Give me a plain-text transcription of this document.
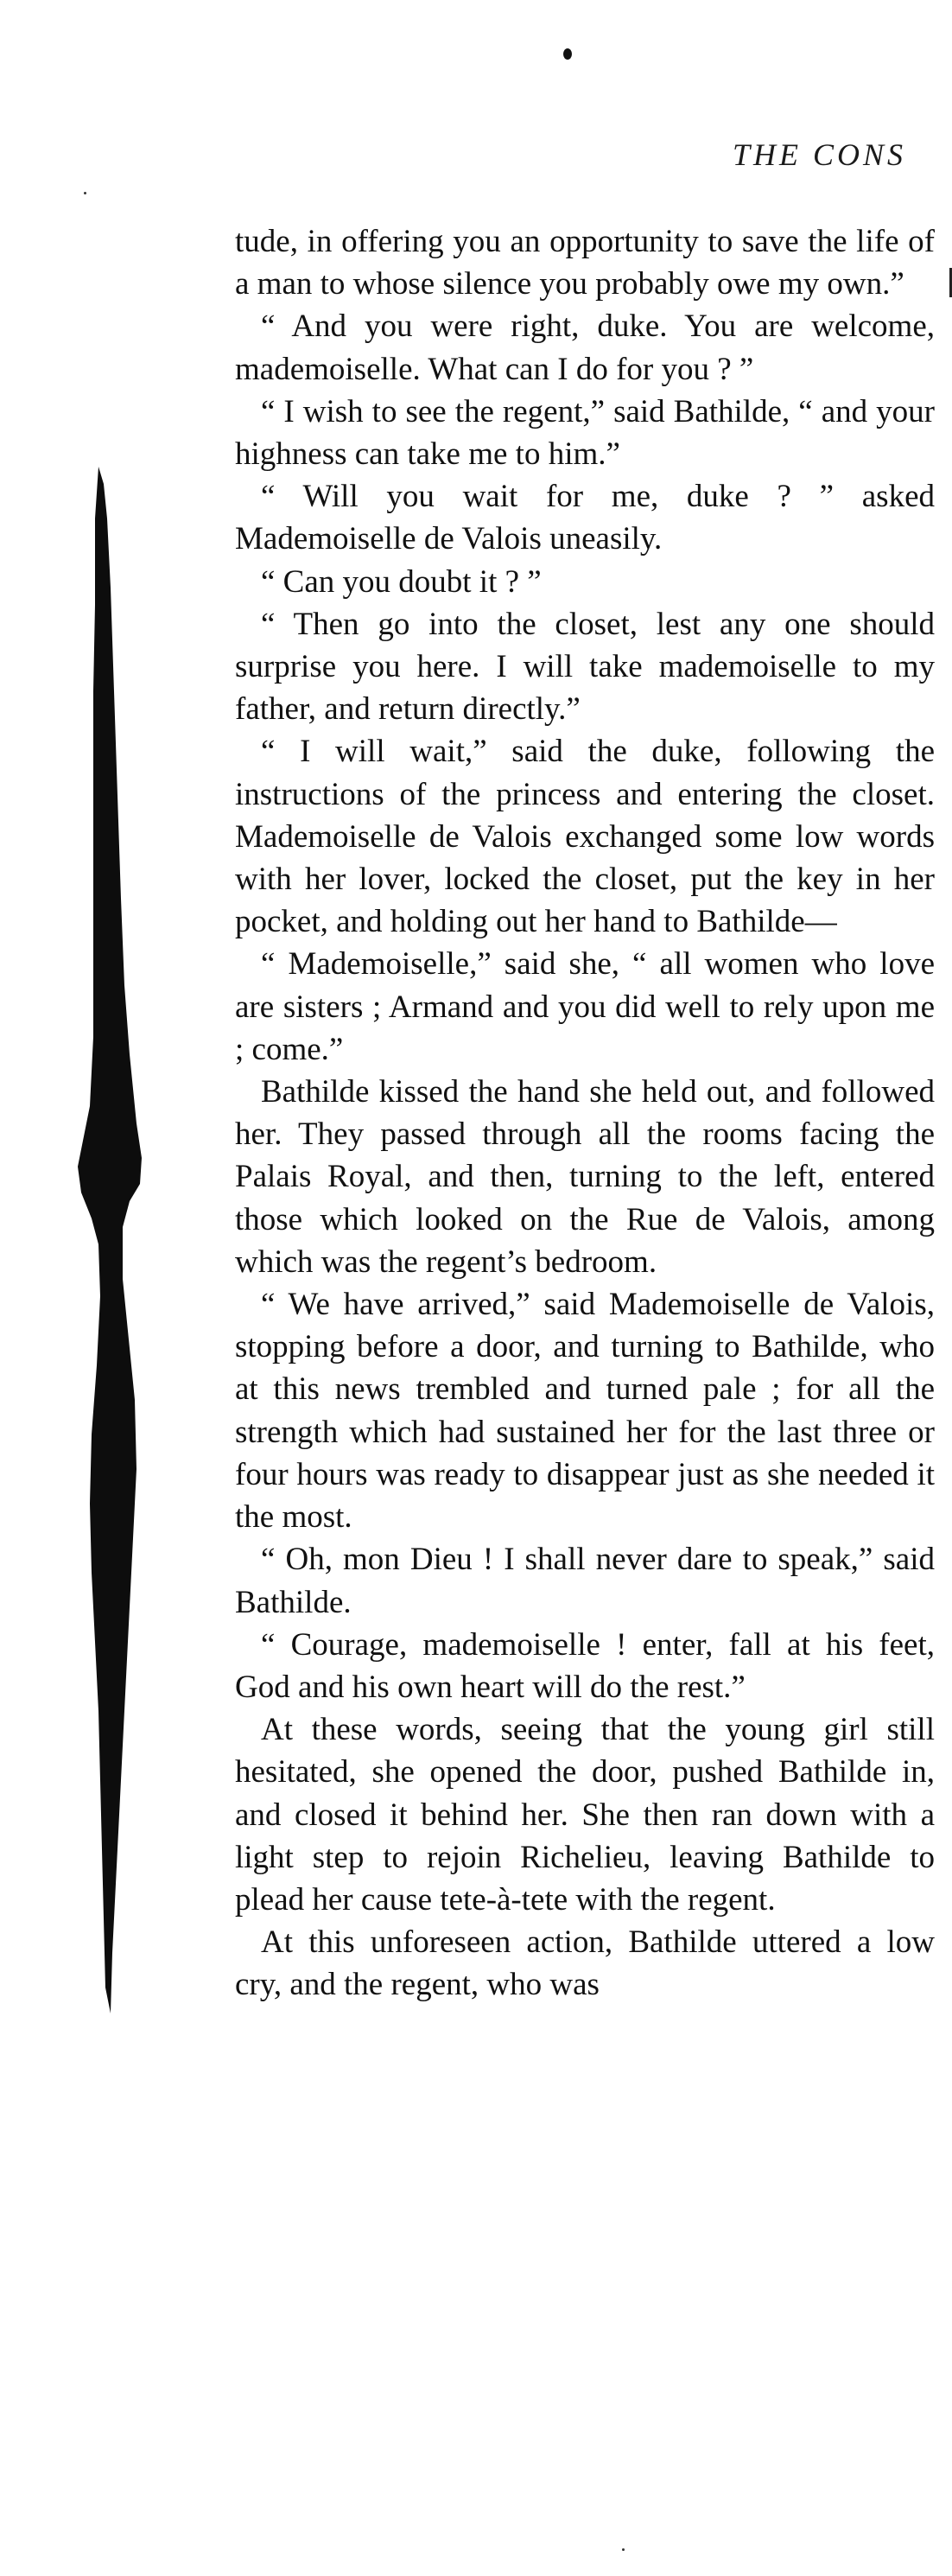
THE CONS

tude, in offering you an opportunity to save the life of a man to whose silence you probably owe my own.”

“ And you were right, duke. You are welcome, mademoiselle. What can I do for you ? ”

“ I wish to see the regent,” said Bathilde, “ and your highness can take me to him.”

“ Will you wait for me, duke ? ” asked Mademoiselle de Valois uneasily.

“ Can you doubt it ? ”

“ Then go into the closet, lest any one should surprise you here. I will take mademoiselle to my father, and return directly.”

“ I will wait,” said the duke, following the instructions of the princess and entering the closet. Mademoiselle de Valois exchanged some low words with her lover, locked the closet, put the key in her pocket, and holding out her hand to Bathilde—

“ Mademoiselle,” said she, “ all women who love are sisters ; Armand and you did well to rely upon me ; come.”

Bathilde kissed the hand she held out, and followed her. They passed through all the rooms facing the Palais Royal, and then, turning to the left, entered those which looked on the Rue de Valois, among which was the regent’s bedroom.

“ We have arrived,” said Mademoiselle de Valois, stopping before a door, and turning to Bathilde, who at this news trembled and turned pale ; for all the strength which had sustained her for the last three or four hours was ready to disappear just as she needed it the most.

“ Oh, mon Dieu ! I shall never dare to speak,” said Bathilde.

“ Courage, mademoiselle ! enter, fall at his feet, God and his own heart will do the rest.”

At these words, seeing that the young girl still hesitated, she opened the door, pushed Bathilde in, and closed it behind her. She then ran down with a light step to rejoin Richelieu, leaving Bathilde to plead her cause tete-à-tete with the regent.

At this unforeseen action, Bathilde uttered a low cry, and the regent, who was
